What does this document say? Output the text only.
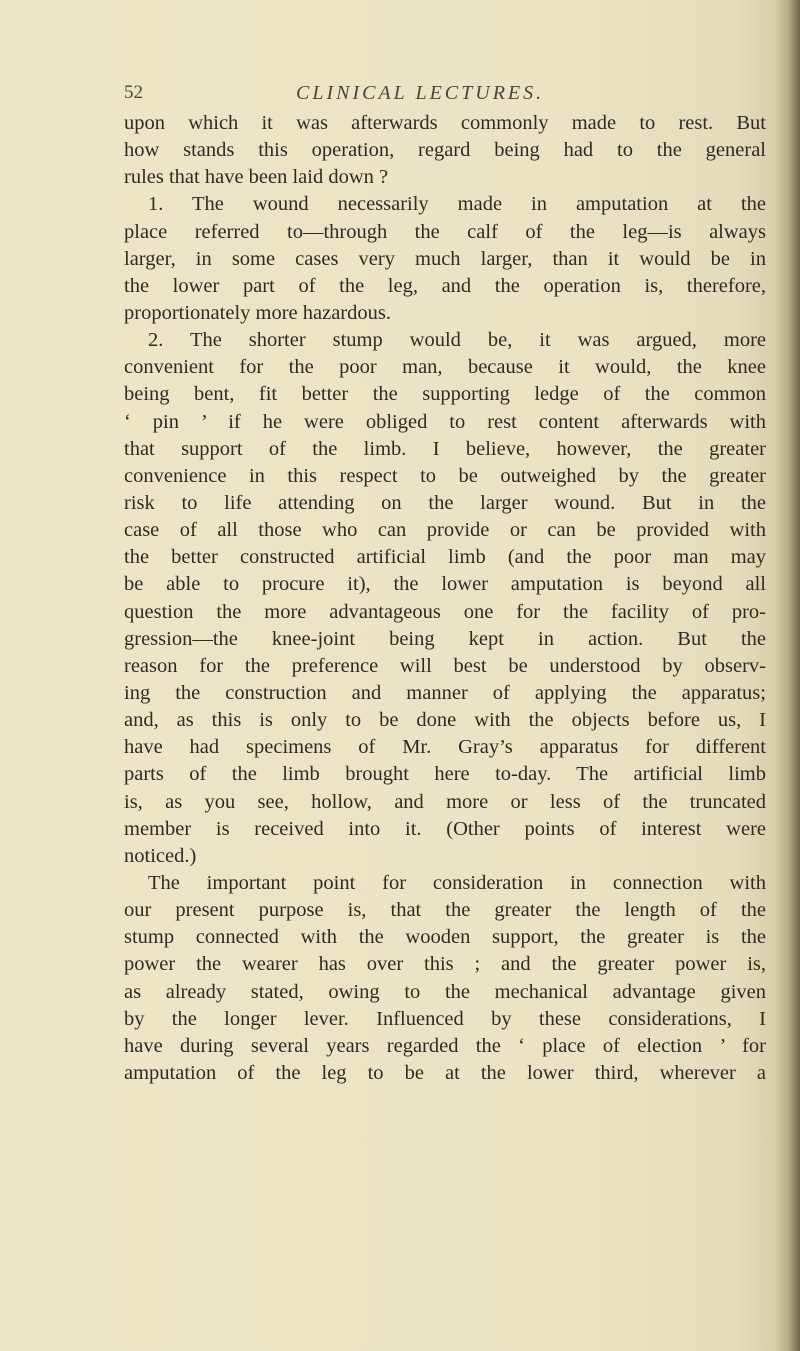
52	CLINICAL LECTURES.
upon which it was afterwards commonly made to rest. But
how stands this operation, regard being had to the general
rules that have been laid down ?
1. The wound necessarily made in amputation at the
place referred to—through the calf of the leg—is always
larger, in some cases very much larger, than it would be in
the lower part of the leg, and the operation is, therefore,
proportionately more hazardous.
2. The shorter stump would be, it was argued, more
convenient for the poor man, because it would, the knee
being bent, fit better the supporting ledge of the common
‘ pin ’ if he were obliged to rest content afterwards with
that support of the limb. I believe, however, the greater
convenience in this respect to be outweighed by the greater
risk to life attending on the larger wound. But in the
case of all those who can provide or can be provided with
the better constructed artificial limb (and the poor man may
be able to procure it), the lower amputation is beyond all
question the more advantageous one for the facility of pro-
gression—the knee-joint being kept in action. But the
reason for the preference will best be understood by observ-
ing the construction and manner of applying the apparatus;
and, as this is only to be done with the objects before us, I
have had specimens of Mr. Gray’s apparatus for different
parts of the limb brought here to-day. The artificial limb
is, as you see, hollow, and more or less of the truncated
member is received into it. (Other points of interest were
noticed.)
The important point for consideration in connection with
our present purpose is, that the greater the length of the
stump connected with the wooden support, the greater is the
power the wearer has over this ; and the greater power is,
as already stated, owing to the mechanical advantage given
by the longer lever. Influenced by these considerations, I
have during several years regarded the ‘ place of election ’ for
amputation of the leg to be at the lower third, wherever a
